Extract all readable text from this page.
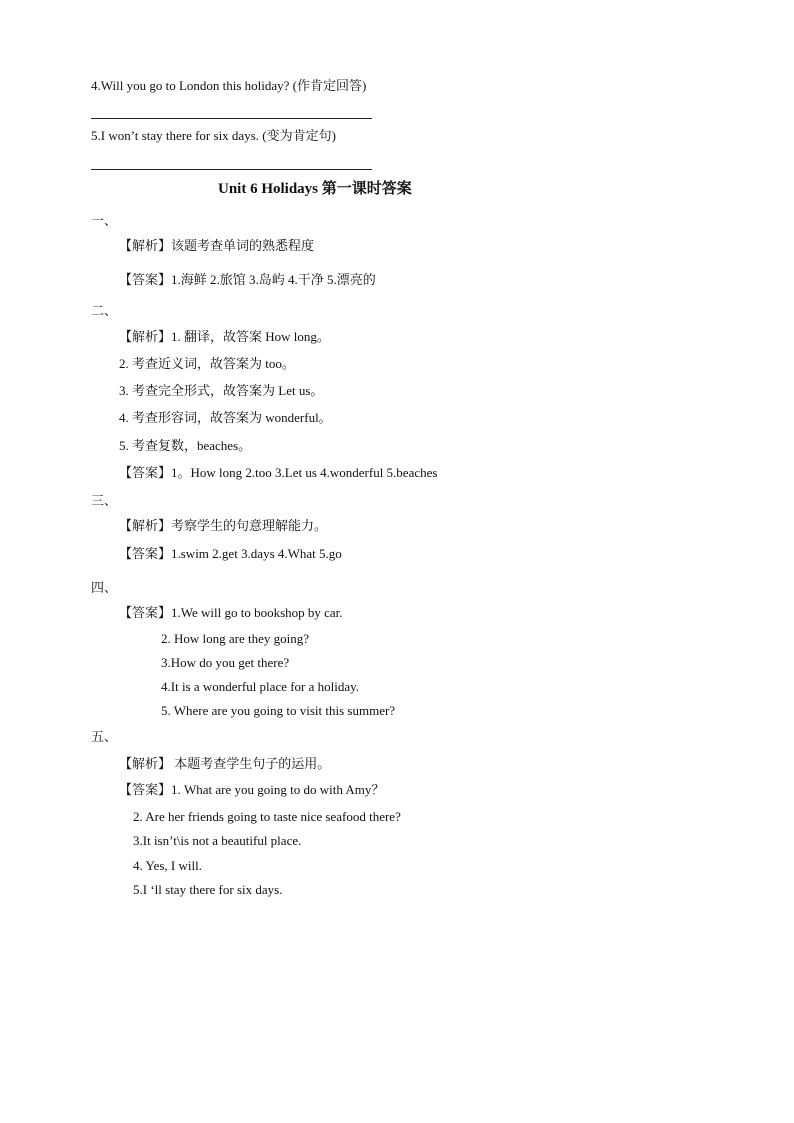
4.Will you go to London this holiday? (作肯定回答)
5.I won’t stay there for six days. (变为肯定句)
Unit 6 Holidays 第一课时答案
一、
【解析】该题考查单词的熟悉程度
【答案】1.海鲜 2.旅馆 3.岛屿 4.干净 5.漂亮的
二、
【解析】1. 翻译，故答案 How long。
2. 考查近义词，故答案为 too。
3. 考查完全形式，故答案为 Let us。
4. 考查形容词，故答案为 wonderful。
5. 考查复数，beaches。
【答案】1。How long 2.too 3.Let us 4.wonderful 5.beaches
三、
【解析】考察学生的句意理解能力。
【答案】1.swim 2.get 3.days 4.What 5.go
四、
【答案】1.We will go to bookshop by car.
2. How long are they going?
3.How do you get there?
4.It is a wonderful place for a holiday.
5. Where are you going to visit this summer?
五、
【解析】 本题考查学生句子的运用。
【答案】1. What are you going to do with Amy？
2. Are her friends going to taste nice seafood there?
3.It isn’t\is not a beautiful place.
4. Yes, I will.
5.I ‘ll stay there for six days.
